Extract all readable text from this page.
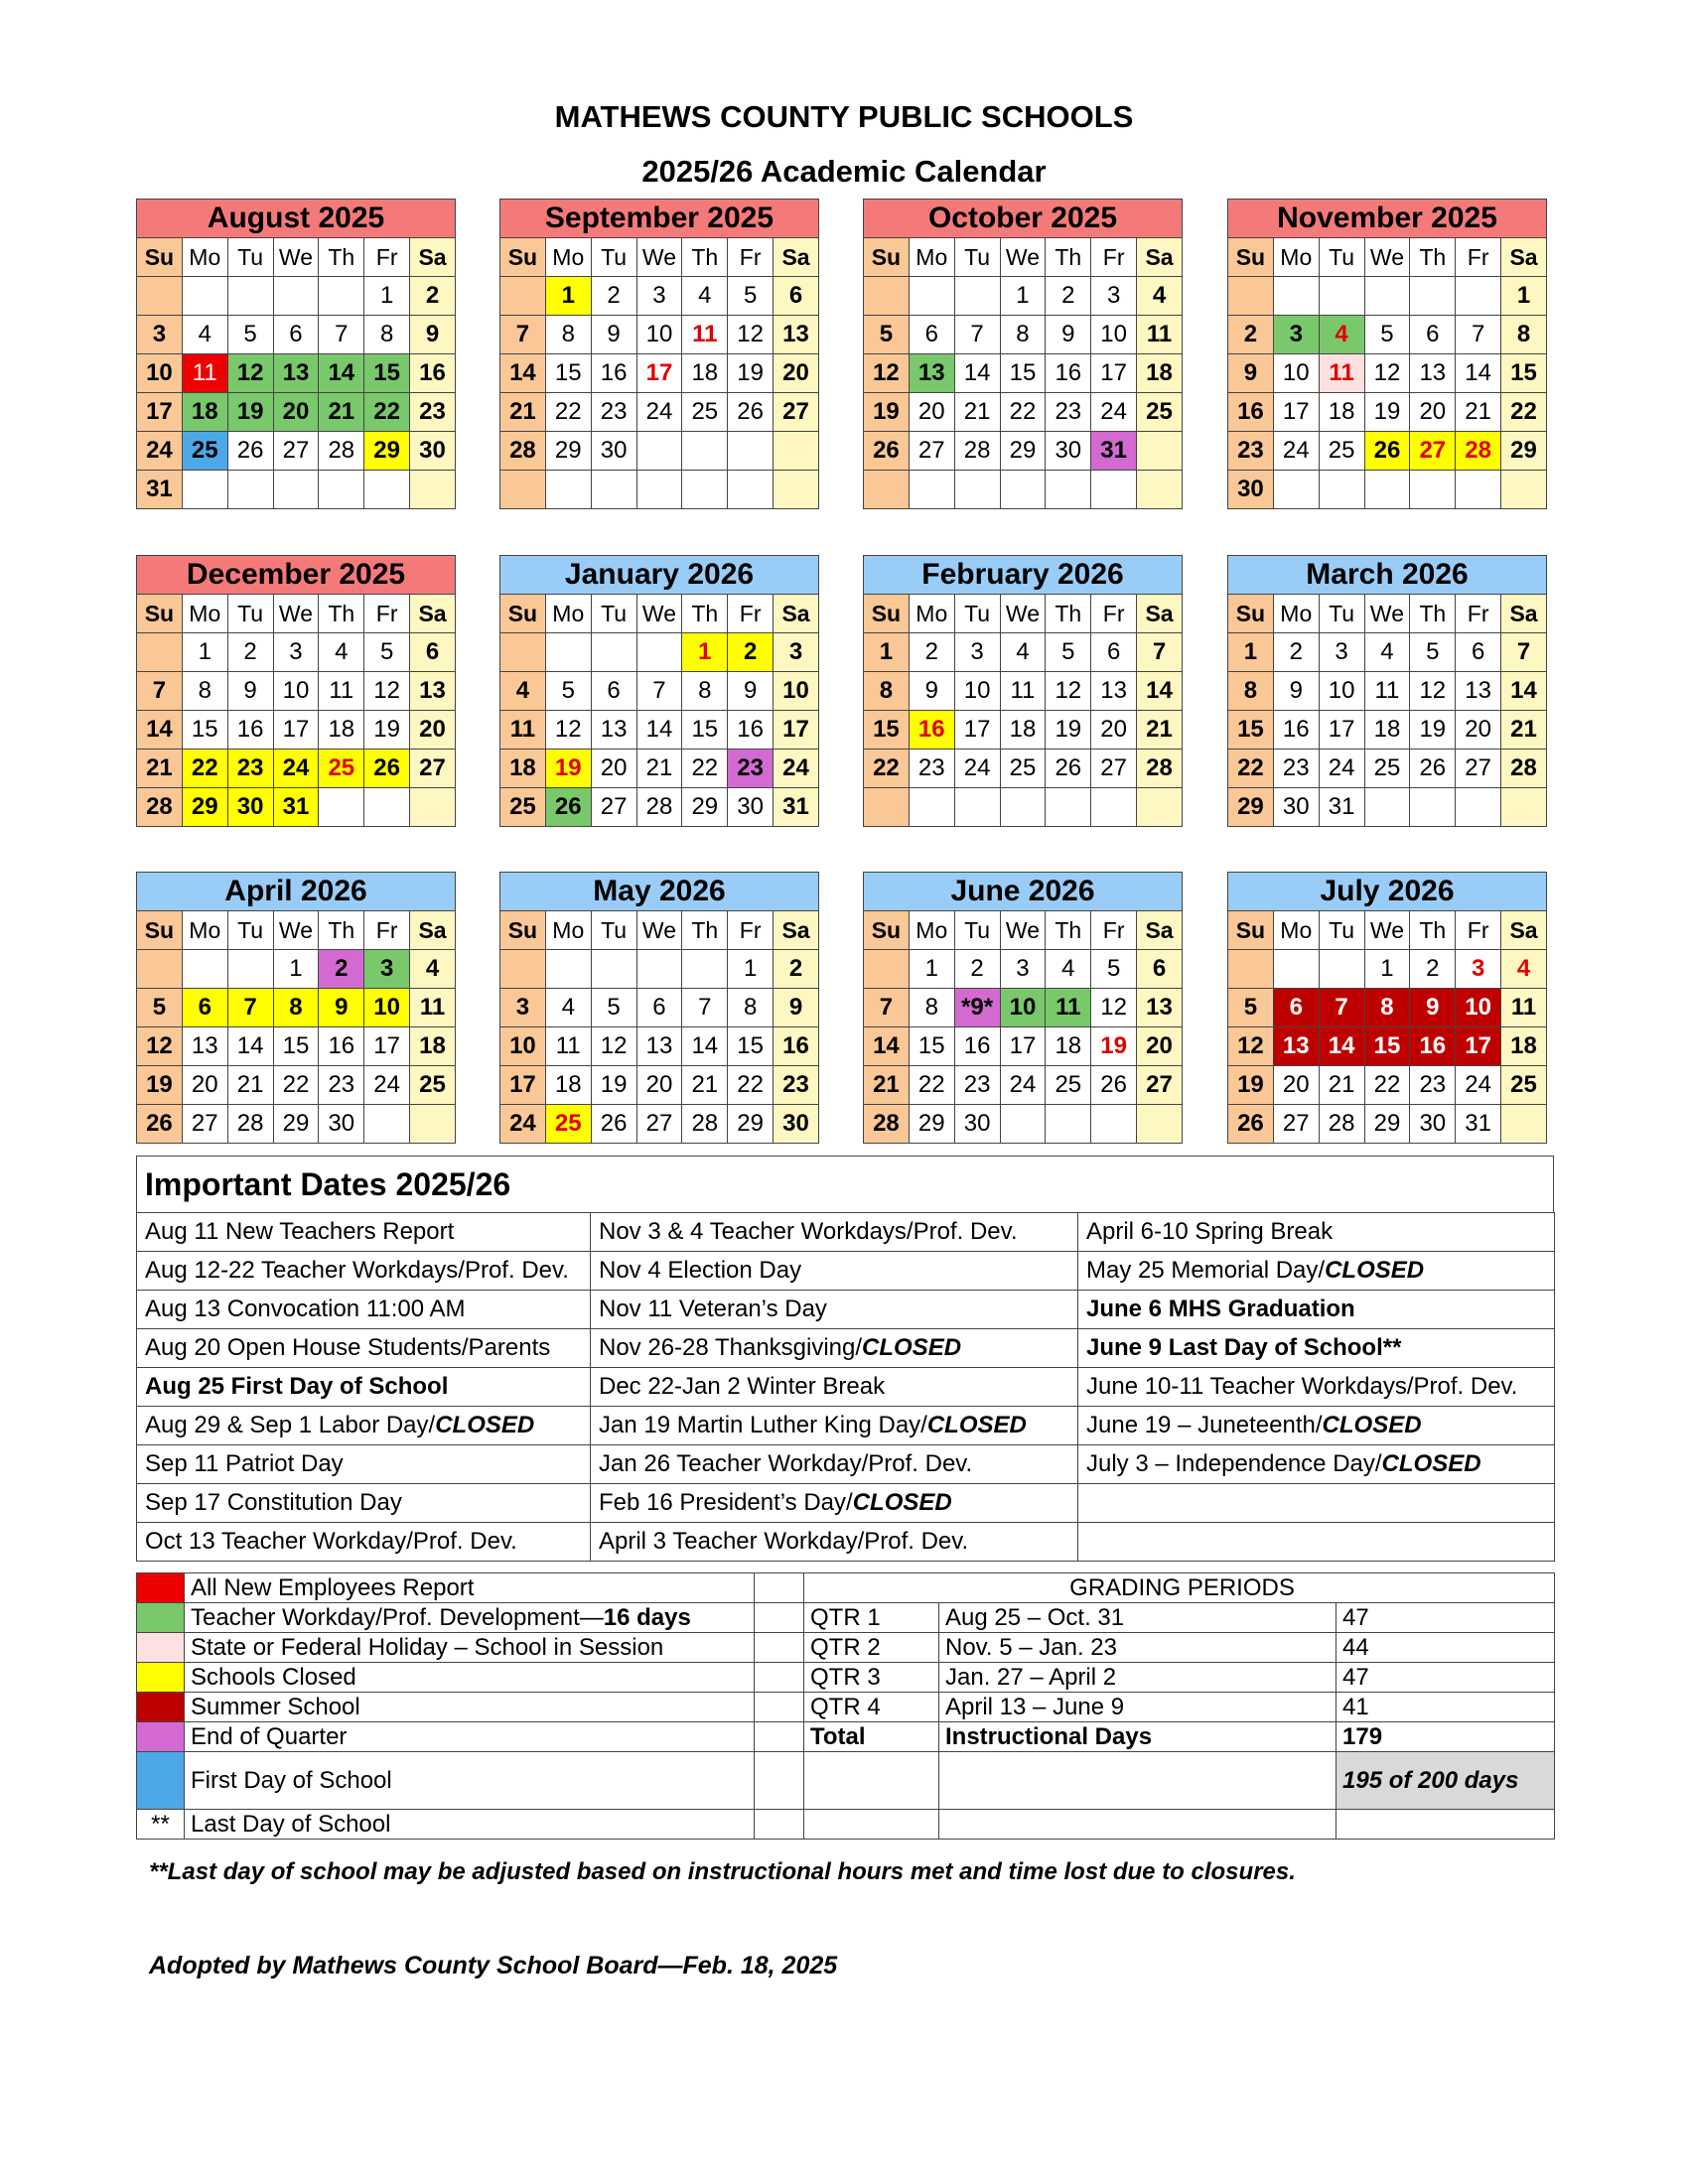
MATHEWS COUNTY PUBLIC SCHOOLS
2025/26 Academic Calendar
August 2025						
Su	Mo	Tu	We	Th	Fr	Sa
					1	2
3	4	5	6	7	8	9
10	11	12	13	14	15	16
17	18	19	20	21	22	23
24	25	26	27	28	29	30
31						
September 2025						
Su	Mo	Tu	We	Th	Fr	Sa
	1	2	3	4	5	6
7	8	9	10	11	12	13
14	15	16	17	18	19	20
21	22	23	24	25	26	27
28	29	30				

October 2025						
Su	Mo	Tu	We	Th	Fr	Sa
			1	2	3	4
5	6	7	8	9	10	11
12	13	14	15	16	17	18
19	20	21	22	23	24	25
26	27	28	29	30	31	

November 2025						
Su	Mo	Tu	We	Th	Fr	Sa
						1
2	3	4	5	6	7	8
9	10	11	12	13	14	15
16	17	18	19	20	21	22
23	24	25	26	27	28	29
30						
December 2025						
Su	Mo	Tu	We	Th	Fr	Sa
	1	2	3	4	5	6
7	8	9	10	11	12	13
14	15	16	17	18	19	20
21	22	23	24	25	26	27
28	29	30	31			
January 2026						
Su	Mo	Tu	We	Th	Fr	Sa
				1	2	3
4	5	6	7	8	9	10
11	12	13	14	15	16	17
18	19	20	21	22	23	24
25	26	27	28	29	30	31
February 2026						
Su	Mo	Tu	We	Th	Fr	Sa
1	2	3	4	5	6	7
8	9	10	11	12	13	14
15	16	17	18	19	20	21
22	23	24	25	26	27	28

March 2026						
Su	Mo	Tu	We	Th	Fr	Sa
1	2	3	4	5	6	7
8	9	10	11	12	13	14
15	16	17	18	19	20	21
22	23	24	25	26	27	28
29	30	31				
April 2026						
Su	Mo	Tu	We	Th	Fr	Sa
			1	2	3	4
5	6	7	8	9	10	11
12	13	14	15	16	17	18
19	20	21	22	23	24	25
26	27	28	29	30		
May 2026						
Su	Mo	Tu	We	Th	Fr	Sa
					1	2
3	4	5	6	7	8	9
10	11	12	13	14	15	16
17	18	19	20	21	22	23
24	25	26	27	28	29	30
June 2026						
Su	Mo	Tu	We	Th	Fr	Sa
	1	2	3	4	5	6
7	8	*9*	10	11	12	13
14	15	16	17	18	19	20
21	22	23	24	25	26	27
28	29	30				
July 2026						
Su	Mo	Tu	We	Th	Fr	Sa
			1	2	3	4
5	6	7	8	9	10	11
12	13	14	15	16	17	18
19	20	21	22	23	24	25
26	27	28	29	30	31	
Important Dates 2025/26
Aug 11 New Teachers Report	Nov 3 & 4 Teacher Workdays/Prof. Dev.	April 6-10 Spring Break
Aug 12-22 Teacher Workdays/Prof. Dev.	Nov 4 Election Day	May 25 Memorial Day/CLOSED
Aug 13 Convocation 11:00 AM	Nov 11 Veteran’s Day	June 6 MHS Graduation
Aug 20 Open House Students/Parents	Nov 26-28 Thanksgiving/CLOSED	June 9 Last Day of School**
Aug 25 First Day of School	Dec 22-Jan 2 Winter Break	June 10-11 Teacher Workdays/Prof. Dev.
Aug 29 & Sep 1 Labor Day/CLOSED	Jan 19 Martin Luther King Day/CLOSED	June 19 – Juneteenth/CLOSED
Sep 11 Patriot Day	Jan 26 Teacher Workday/Prof. Dev.	July 3 – Independence Day/CLOSED
Sep 17 Constitution Day	Feb 16 President’s Day/CLOSED	
Oct 13 Teacher Workday/Prof. Dev.	April 3 Teacher Workday/Prof. Dev.	
	All New Employees Report		GRADING PERIODS		
	Teacher Workday/Prof. Development—16 days		QTR 1	Aug 25 – Oct. 31	47
	State or Federal Holiday – School in Session		QTR 2	Nov. 5 – Jan. 23	44
	Schools Closed		QTR 3	Jan. 27 – April 2	47
	Summer School		QTR 4	April 13 – June 9	41
	End of Quarter		Total	Instructional Days	179
	First Day of School				195 of 200 days
**	Last Day of School				
**Last day of school may be adjusted based on instructional hours met and time lost due to closures.
Adopted by Mathews County School Board—Feb. 18, 2025
